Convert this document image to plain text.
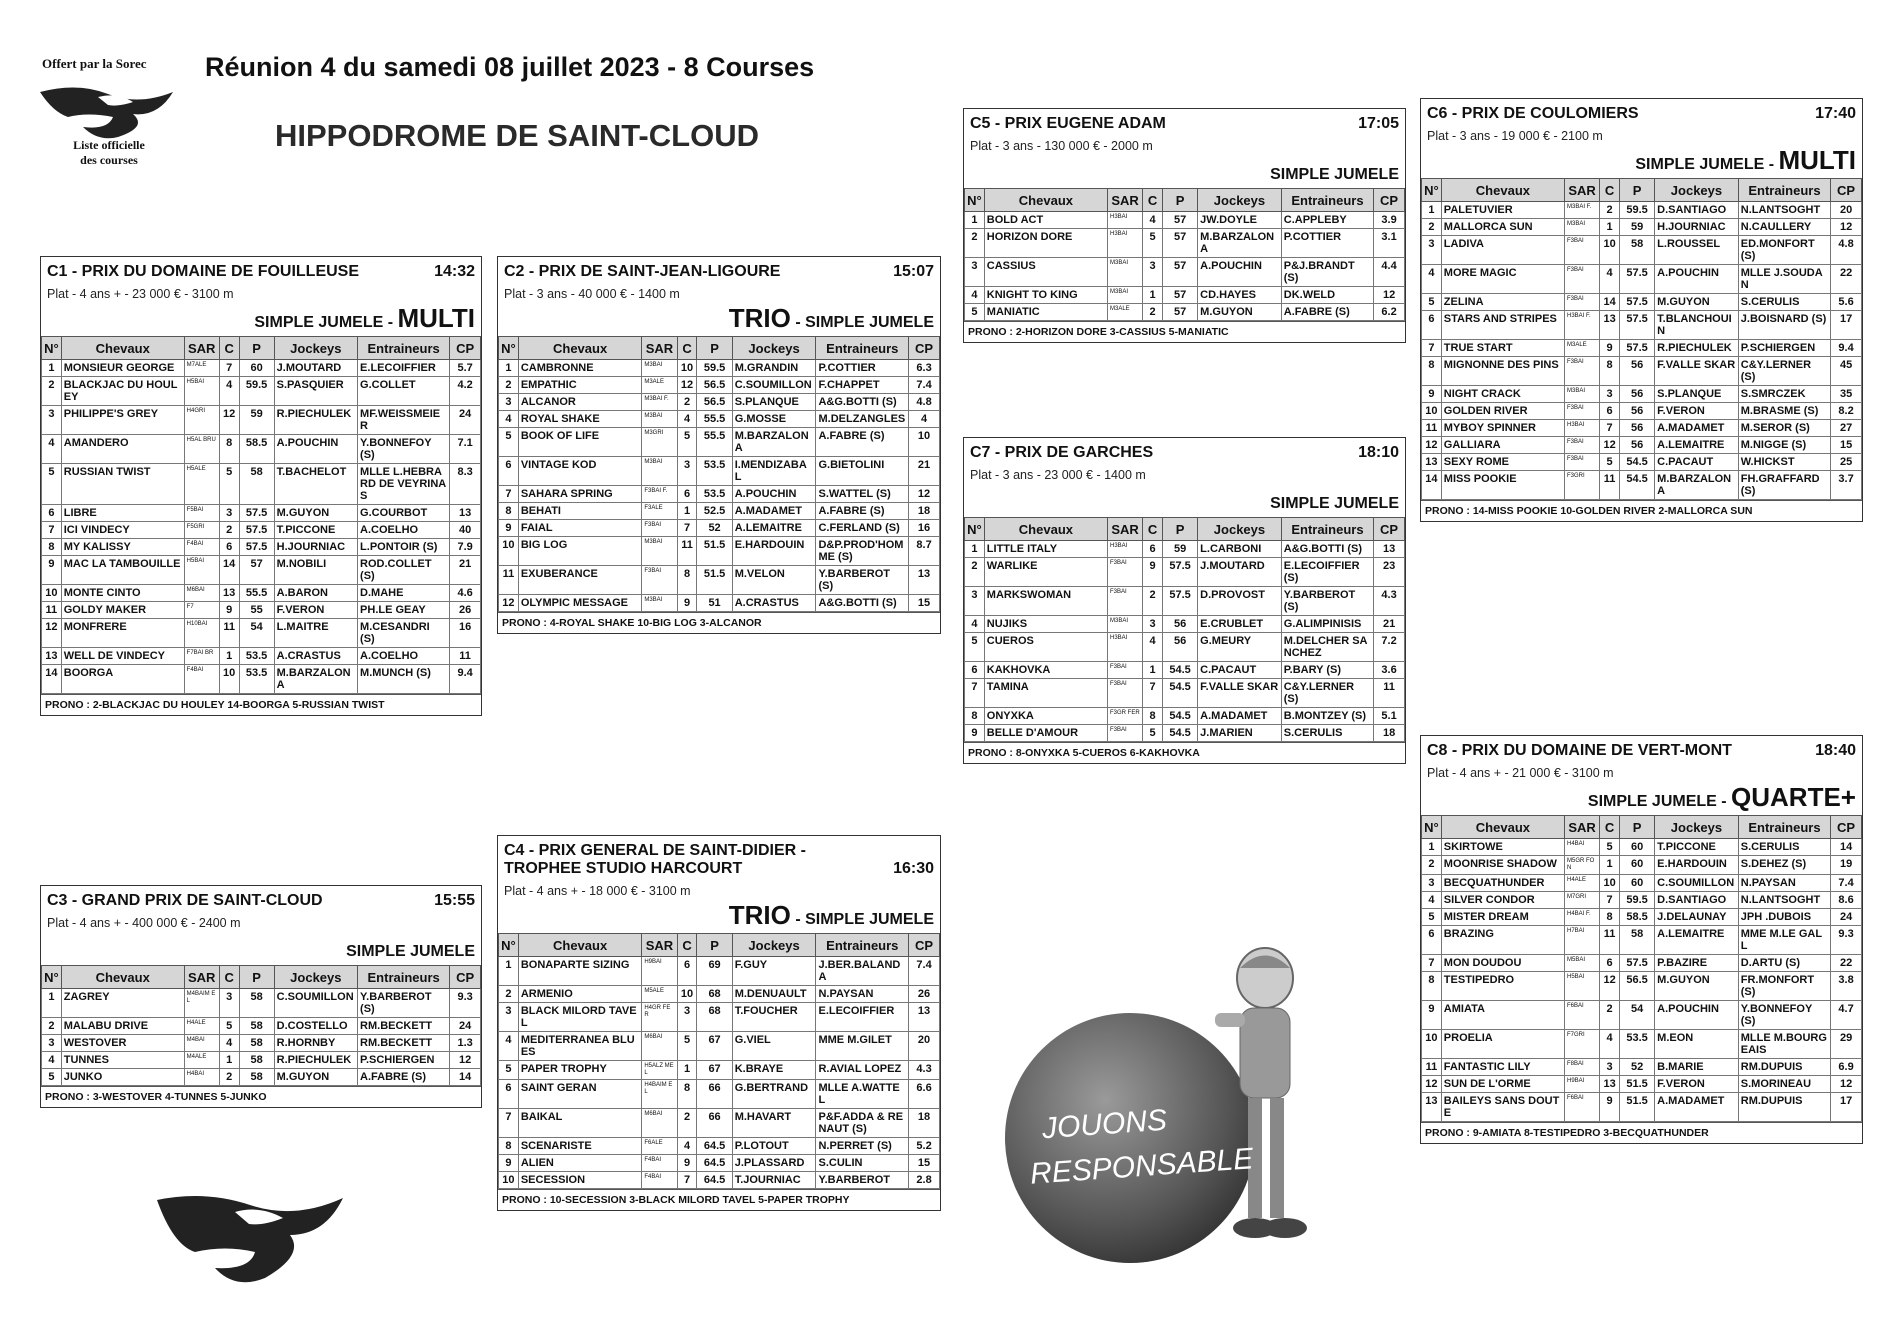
Offert par la Sorec
Liste officielle des courses
Réunion 4 du samedi 08 juillet 2023 - 8 Courses
HIPPODROME DE SAINT-CLOUD
C1 - PRIX DU DOMAINE DE FOUILLEUSE	14:32
Plat - 4 ans + - 23 000 € - 3100 m
SIMPLE JUMELE - MULTI
N°	Chevaux	SAR	C	P	Jockeys	Entraineurs	CP
1	MONSIEUR GEORGE	M7ALE	7	60	J.MOUTARD	E.LECOIFFIER	5.7
2	BLACKJAC DU HOULEY	H5BAI	4	59.5	S.PASQUIER	G.COLLET	4.2
3	PHILIPPE'S GREY	H4GRI	12	59	R.PIECHULEK	MF.WEISSMEIER	24
4	AMANDERO	H5AL BRU	8	58.5	A.POUCHIN	Y.BONNEFOY (S)	7.1
5	RUSSIAN TWIST	H5ALE	5	58	T.BACHELOT	MLLE L.HEBRARD DE VEYRINAS	8.3
6	LIBRE	F5BAI	3	57.5	M.GUYON	G.COURBOT	13
7	ICI VINDECY	F5GRI	2	57.5	T.PICCONE	A.COELHO	40
8	MY KALISSY	F4BAI	6	57.5	H.JOURNIAC	L.PONTOIR (S)	7.9
9	MAC LA TAMBOUILLE	H5BAI	14	57	M.NOBILI	ROD.COLLET (S)	21
10	MONTE CINTO	M6BAI	13	55.5	A.BARON	D.MAHE	4.6
11	GOLDY MAKER	F7	9	55	F.VERON	PH.LE GEAY	26
12	MONFRERE	H10BAI	11	54	L.MAITRE	M.CESANDRI (S)	16
13	WELL DE VINDECY	F7BAI BR	1	53.5	A.CRASTUS	A.COELHO	11
14	BOORGA	F4BAI	10	53.5	M.BARZALONA	M.MUNCH (S)	9.4
PRONO : 2-BLACKJAC DU HOULEY 14-BOORGA 5-RUSSIAN TWIST
C2 - PRIX DE SAINT-JEAN-LIGOURE	15:07
Plat - 3 ans - 40 000 € - 1400 m
TRIO - SIMPLE JUMELE
N°	Chevaux	SAR	C	P	Jockeys	Entraineurs	CP
1	CAMBRONNE	M3BAI	10	59.5	M.GRANDIN	P.COTTIER	6.3
2	EMPATHIC	M3ALE	12	56.5	C.SOUMILLON	F.CHAPPET	7.4
3	ALCANOR	M3BAI F.	2	56.5	S.PLANQUE	A&G.BOTTI (S)	4.8
4	ROYAL SHAKE	M3BAI	4	55.5	G.MOSSE	M.DELZANGLES	4
5	BOOK OF LIFE	M3GRI	5	55.5	M.BARZALONA	A.FABRE (S)	10
6	VINTAGE KOD	M3BAI	3	53.5	I.MENDIZABAL	G.BIETOLINI	21
7	SAHARA SPRING	F3BAI F.	6	53.5	A.POUCHIN	S.WATTEL (S)	12
8	BEHATI	F3ALE	1	52.5	A.MADAMET	A.FABRE (S)	18
9	FAIAL	F3BAI	7	52	A.LEMAITRE	C.FERLAND (S)	16
10	BIG LOG	M3BAI	11	51.5	E.HARDOUIN	D&P.PROD'HOMME (S)	8.7
11	EXUBERANCE	F3BAI	8	51.5	M.VELON	Y.BARBEROT (S)	13
12	OLYMPIC MESSAGE	M3BAI	9	51	A.CRASTUS	A&G.BOTTI (S)	15
PRONO : 4-ROYAL SHAKE 10-BIG LOG 3-ALCANOR
C3 - GRAND PRIX DE SAINT-CLOUD	15:55
Plat - 4 ans + - 400 000 € - 2400 m
SIMPLE JUMELE
N°	Chevaux	SAR	C	P	Jockeys	Entraineurs	CP
1	ZAGREY	M4BAIM EL	3	58	C.SOUMILLON	Y.BARBEROT (S)	9.3
2	MALABU DRIVE	H4ALE	5	58	D.COSTELLO	RM.BECKETT	24
3	WESTOVER	M4BAI	4	58	R.HORNBY	RM.BECKETT	1.3
4	TUNNES	M4ALE	1	58	R.PIECHULEK	P.SCHIERGEN	12
5	JUNKO	H4BAI	2	58	M.GUYON	A.FABRE (S)	14
PRONO : 3-WESTOVER 4-TUNNES 5-JUNKO
C4 - PRIX GENERAL DE SAINT-DIDIER -
TROPHEE STUDIO HARCOURT	16:30
Plat - 4 ans + - 18 000 € - 3100 m
TRIO - SIMPLE JUMELE
N°	Chevaux	SAR	C	P	Jockeys	Entraineurs	CP
1	BONAPARTE SIZING	H9BAI	6	69	F.GUY	J.BER.BALANDA	7.4
2	ARMENIO	M5ALE	10	68	M.DENUAULT	N.PAYSAN	26
3	BLACK MILORD TAVEL	H4GR FER	3	68	T.FOUCHER	E.LECOIFFIER	13
4	MEDITERRANEA BLUES	M6BAI	5	67	G.VIEL	MME M.GILET	20
5	PAPER TROPHY	H5ALZ MEL	1	67	K.BRAYE	R.AVIAL LOPEZ	4.3
6	SAINT GERAN	H4BAIM EL	8	66	G.BERTRAND	MLLE A.WATTEL	6.6
7	BAIKAL	M6BAI	2	66	M.HAVART	P&F.ADDA & RENAUT (S)	18
8	SCENARISTE	F6ALE	4	64.5	P.LOTOUT	N.PERRET (S)	5.2
9	ALIEN	F4BAI	9	64.5	J.PLASSARD	S.CULIN	15
10	SECESSION	F4BAI	7	64.5	T.JOURNIAC	Y.BARBEROT	2.8
PRONO : 10-SECESSION 3-BLACK MILORD TAVEL 5-PAPER TROPHY
C5 - PRIX EUGENE ADAM	17:05
Plat - 3 ans - 130 000 € - 2000 m
SIMPLE JUMELE
N°	Chevaux	SAR	C	P	Jockeys	Entraineurs	CP
1	BOLD ACT	H3BAI	4	57	JW.DOYLE	C.APPLEBY	3.9
2	HORIZON DORE	H3BAI	5	57	M.BARZALONA	P.COTTIER	3.1
3	CASSIUS	M3BAI	3	57	A.POUCHIN	P&J.BRANDT (S)	4.4
4	KNIGHT TO KING	M3BAI	1	57	CD.HAYES	DK.WELD	12
5	MANIATIC	M3ALE	2	57	M.GUYON	A.FABRE (S)	6.2
PRONO : 2-HORIZON DORE 3-CASSIUS 5-MANIATIC
C6 - PRIX DE COULOMIERS	17:40
Plat - 3 ans - 19 000 € - 2100 m
SIMPLE JUMELE - MULTI
N°	Chevaux	SAR	C	P	Jockeys	Entraineurs	CP
1	PALETUVIER	M3BAI F.	2	59.5	D.SANTIAGO	N.LANTSOGHT	20
2	MALLORCA SUN	M3BAI	1	59	H.JOURNIAC	N.CAULLERY	12
3	LADIVA	F3BAI	10	58	L.ROUSSEL	ED.MONFORT (S)	4.8
4	MORE MAGIC	F3BAI	4	57.5	A.POUCHIN	MLLE J.SOUDAN	22
5	ZELINA	F3BAI	14	57.5	M.GUYON	S.CERULIS	5.6
6	STARS AND STRIPES	H3BAI F.	13	57.5	T.BLANCHOUIN	J.BOISNARD (S)	17
7	TRUE START	M3ALE	9	57.5	R.PIECHULEK	P.SCHIERGEN	9.4
8	MIGNONNE DES PINS	F3BAI	8	56	F.VALLE SKAR	C&Y.LERNER (S)	45
9	NIGHT CRACK	M3BAI	3	56	S.PLANQUE	S.SMRCZEK	35
10	GOLDEN RIVER	F3BAI	6	56	F.VERON	M.BRASME (S)	8.2
11	MYBOY SPINNER	H3BAI	7	56	A.MADAMET	M.SEROR (S)	27
12	GALLIARA	F3BAI	12	56	A.LEMAITRE	M.NIGGE (S)	15
13	SEXY ROME	F3BAI	5	54.5	C.PACAUT	W.HICKST	25
14	MISS POOKIE	F3GRI	11	54.5	M.BARZALONA	FH.GRAFFARD (S)	3.7
PRONO : 14-MISS POOKIE 10-GOLDEN RIVER 2-MALLORCA SUN
C7 - PRIX DE GARCHES	18:10
Plat - 3 ans - 23 000 € - 1400 m
SIMPLE JUMELE
N°	Chevaux	SAR	C	P	Jockeys	Entraineurs	CP
1	LITTLE ITALY	H3BAI	6	59	L.CARBONI	A&G.BOTTI (S)	13
2	WARLIKE	F3BAI	9	57.5	J.MOUTARD	E.LECOIFFIER (S)	23
3	MARKSWOMAN	F3BAI	2	57.5	D.PROVOST	Y.BARBEROT (S)	4.3
4	NUJIKS	M3BAI	3	56	E.CRUBLET	G.ALIMPINISIS	21
5	CUEROS	H3BAI	4	56	G.MEURY	M.DELCHER SANCHEZ	7.2
6	KAKHOVKA	F3BAI	1	54.5	C.PACAUT	P.BARY (S)	3.6
7	TAMINA	F3BAI	7	54.5	F.VALLE SKAR	C&Y.LERNER (S)	11
8	ONYXKA	F3GR FER	8	54.5	A.MADAMET	B.MONTZEY (S)	5.1
9	BELLE D'AMOUR	F3BAI	5	54.5	J.MARIEN	S.CERULIS	18
PRONO : 8-ONYXKA 5-CUEROS 6-KAKHOVKA	C8 - PRIX DU DOMAINE DE VERT-MONT	18:40
Plat - 4 ans + - 21 000 € - 3100 m
SIMPLE JUMELE - QUARTE+
N°	Chevaux	SAR	C	P	Jockeys	Entraineurs	CP
1	SKIRTOWE	H4BAI	5	60	T.PICCONE	S.CERULIS	14
2	MOONRISE SHADOW	M5GR FON	1	60	E.HARDOUIN	S.DEHEZ (S)	19
3	BECQUATHUNDER	H4ALE	10	60	C.SOUMILLON	N.PAYSAN	7.4
4	SILVER CONDOR	M7GRI	7	59.5	D.SANTIAGO	N.LANTSOGHT	8.6
5	MISTER DREAM	H4BAI F.	8	58.5	J.DELAUNAY	JPH .DUBOIS	24
6	BRAZING	H7BAI	11	58	A.LEMAITRE	MME M.LE GALL	9.3
7	MON DOUDOU	M5BAI	6	57.5	P.BAZIRE	D.ARTU (S)	22
8	TESTIPEDRO	H5BAI	12	56.5	M.GUYON	FR.MONFORT (S)	3.8
9	AMIATA	F6BAI	2	54	A.POUCHIN	Y.BONNEFOY (S)	4.7
10	PROELIA	F7GRI	4	53.5	M.EON	MLLE M.BOURGEAIS	29
11	FANTASTIC LILY	F8BAI	3	52	B.MARIE	RM.DUPUIS	6.9
12	SUN DE L'ORME	H9BAI	13	51.5	F.VERON	S.MORINEAU	12
13	BAILEYS SANS DOUTE	F6BAI	9	51.5	A.MADAMET	RM.DUPUIS	17
PRONO : 9-AMIATA 8-TESTIPEDRO 3-BECQUATHUNDER
JOUONS
RESPONSABLE
